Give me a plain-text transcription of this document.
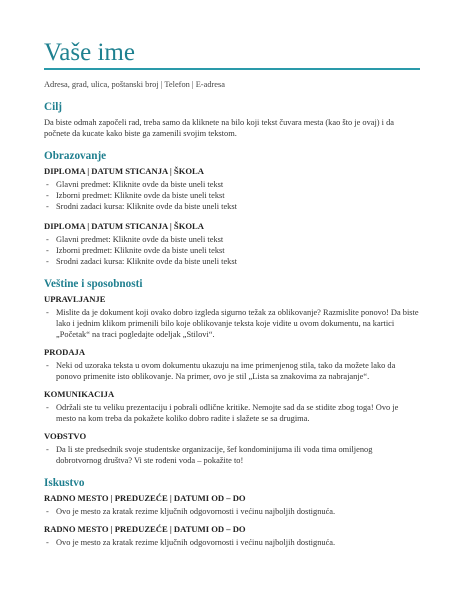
Vaše ime
Adresa, grad, ulica, poštanski broj | Telefon | E-adresa
Cilj
Da biste odmah započeli rad, treba samo da kliknete na bilo koji tekst čuvara mesta (kao što je ovaj) i da počnete da kucate kako biste ga zamenili svojim tekstom.
Obrazovanje
DIPLOMA | DATUM STICANJA | ŠKOLA
- Glavni predmet: Kliknite ovde da biste uneli tekst
- Izborni predmet: Kliknite ovde da biste uneli tekst
- Srodni zadaci kursa: Kliknite ovde da biste uneli tekst
DIPLOMA | DATUM STICANJA | ŠKOLA
- Glavni predmet: Kliknite ovde da biste uneli tekst
- Izborni predmet: Kliknite ovde da biste uneli tekst
- Srodni zadaci kursa: Kliknite ovde da biste uneli tekst
Veštine i sposobnosti
UPRAVLJANJE
- Mislite da je dokument koji ovako dobro izgleda sigurno težak za oblikovanje? Razmislite ponovo! Da biste lako i jednim klikom primenili bilo koje oblikovanje teksta koje vidite u ovom dokumentu, na kartici „Početak“ na traci pogledajte odeljak „Stilovi“.
PRODAJA
- Neki od uzoraka teksta u ovom dokumentu ukazuju na ime primenjenog stila, tako da možete lako da ponovo primenite isto oblikovanje. Na primer, ovo je stil „Lista sa znakovima za nabrajanje“.
KOMUNIKACIJA
- Održali ste tu veliku prezentaciju i pobrali odlične kritike. Nemojte sad da se stidite zbog toga! Ovo je mesto na kom treba da pokažete koliko dobro radite i slažete se sa drugima.
VOĐSTVO
- Da li ste predsednik svoje studentske organizacije, šef kondominijuma ili voda tima omiljenog dobrotvornog društva? Vi ste rođeni voda – pokažite to!
Iskustvo
RADNO MESTO | PREDUZEĆE | DATUMI OD – DO
- Ovo je mesto za kratak rezime ključnih odgovornosti i većinu najboljih dostignuća.
RADNO MESTO | PREDUZEĆE | DATUMI OD – DO
- Ovo je mesto za kratak rezime ključnih odgovornosti i većinu najboljih dostignuća.
